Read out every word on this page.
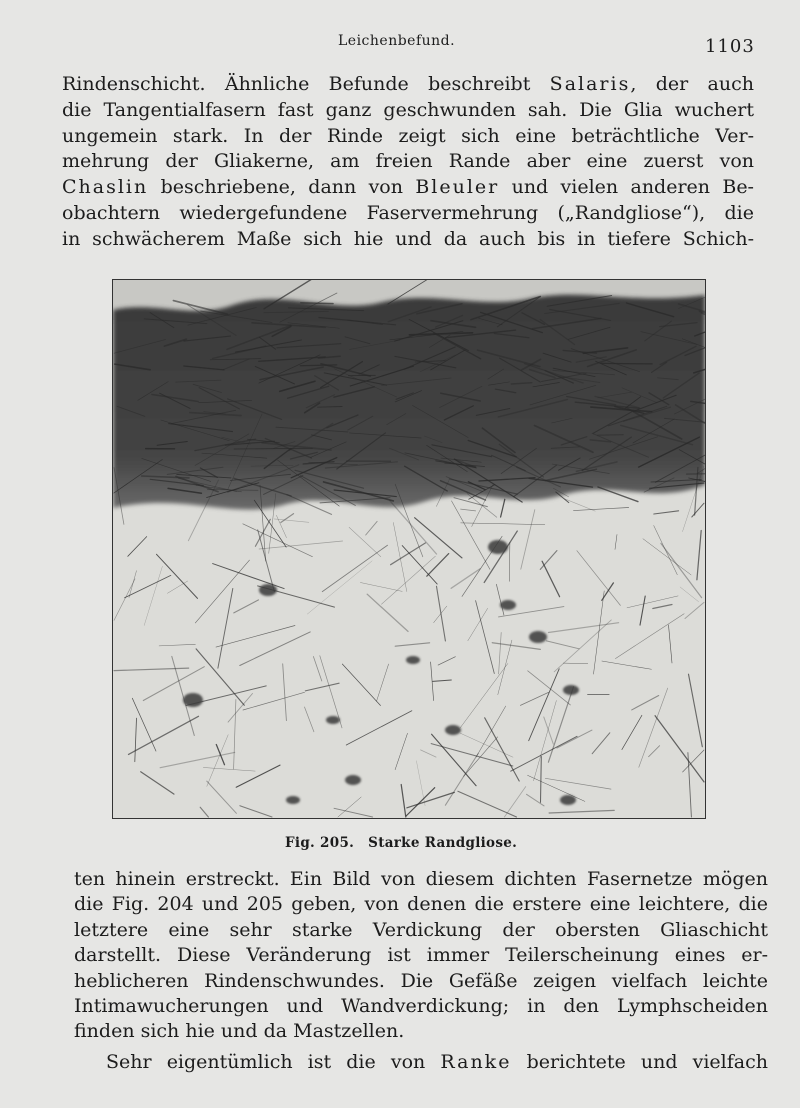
Leichenbefund.	1103

Rindenschicht. Ähnliche Befunde beschreibt Salaris, der auch
die Tangentialfasern fast ganz geschwunden sah. Die Glia wuchert
ungemein stark. In der Rinde zeigt sich eine beträchtliche Ver-
mehrung der Gliakerne, am freien Rande aber eine zuerst von
Chaslin beschriebene, dann von Bleuler und vielen anderen Be-
obachtern wiedergefundene Faservermehrung („Randgliose“), die
in schwächerem Maße sich hie und da auch bis in tiefere Schich-

Fig. 205. Starke Randgliose.

ten hinein erstreckt. Ein Bild von diesem dichten Fasernetze mögen
die Fig. 204 und 205 geben, von denen die erstere eine leichtere, die
letztere eine sehr starke Verdickung der obersten Gliaschicht
darstellt. Diese Veränderung ist immer Teilerscheinung eines er-
heblicheren Rindenschwundes. Die Gefäße zeigen vielfach leichte
Intimawucherungen und Wandverdickung; in den Lymphscheiden
finden sich hie und da Mastzellen.

Sehr eigentümlich ist die von Ranke berichtete und vielfach
